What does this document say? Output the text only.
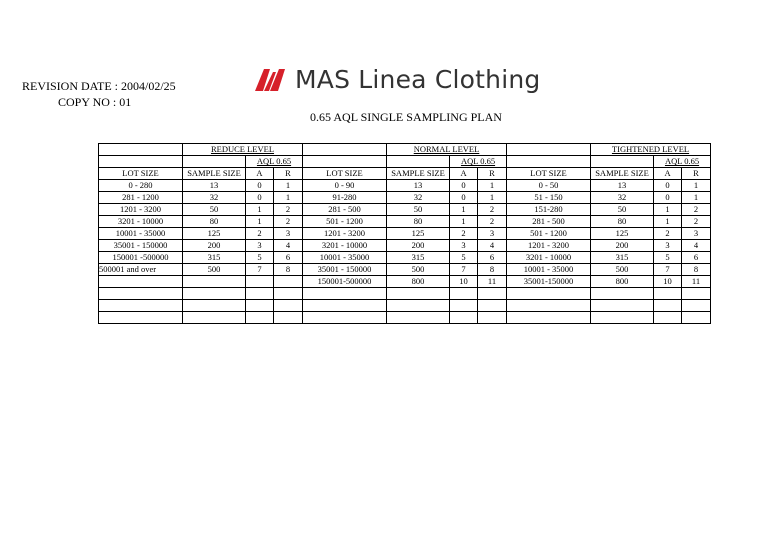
REVISION DATE : 2004/02/25
COPY NO : 01
MAS Linea Clothing
0.65 AQL SINGLE SAMPLING PLAN
	REDUCE LEVEL				NORMAL LEVEL				TIGHTENED LEVEL		
		AQL 0.65				AQL 0.65				AQL 0.65	
LOT SIZE	SAMPLE SIZE	A	R	LOT SIZE	SAMPLE SIZE	A	R	LOT SIZE	SAMPLE SIZE	A	R
0 - 280	13	0	1	0 - 90	13	0	1	0 - 50	13	0	1
281 - 1200	32	0	1	91-280	32	0	1	51 - 150	32	0	1
1201 - 3200	50	1	2	281 - 500	50	1	2	151-280	50	1	2
3201 - 10000	80	1	2	501 - 1200	80	1	2	281 - 500	80	1	2
10001 - 35000	125	2	3	1201 - 3200	125	2	3	501 - 1200	125	2	3
35001 - 150000	200	3	4	3201 - 10000	200	3	4	1201 - 3200	200	3	4
150001 -500000	315	5	6	10001 - 35000	315	5	6	3201 - 10000	315	5	6
500001 and over	500	7	8	35001 - 150000	500	7	8	10001 - 35000	500	7	8
				150001-500000	800	10	11	35001-150000	800	10	11
